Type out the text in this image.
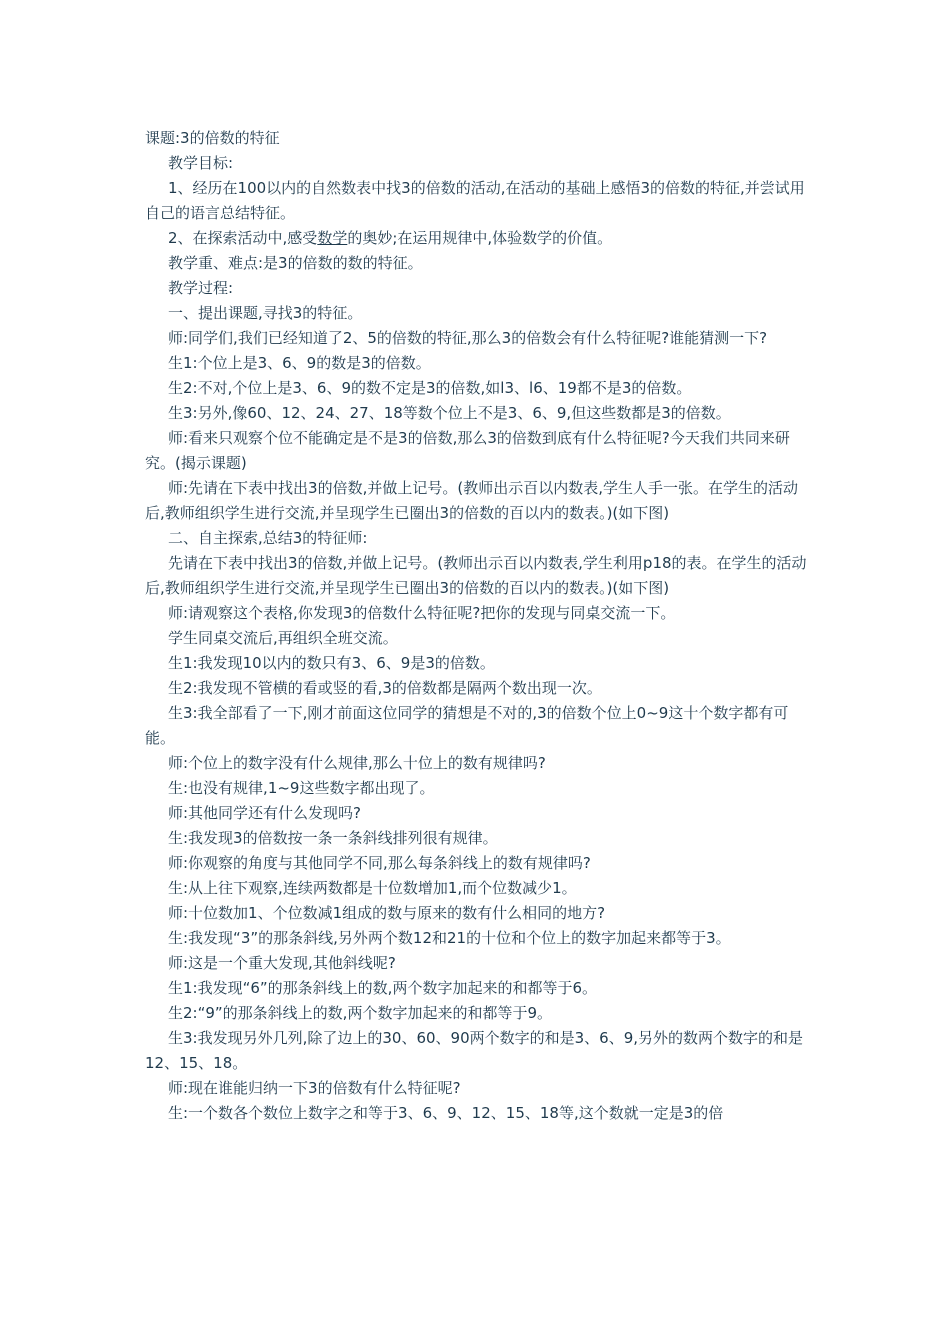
课题:3的倍数的特征

教学目标:

1、经历在100以内的自然数表中找3的倍数的活动,在活动的基础上感悟3的倍数的特征,并尝试用自己的语言总结特征。

2、在探索活动中,感受数学的奥妙;在运用规律中,体验数学的价值。

教学重、难点:是3的倍数的数的特征。

教学过程:

一、提出课题,寻找3的特征。

师:同学们,我们已经知道了2、5的倍数的特征,那么3的倍数会有什么特征呢?谁能猜测一下?

生1:个位上是3、6、9的数是3的倍数。

生2:不对,个位上是3、6、9的数不定是3的倍数,如l3、l6、19都不是3的倍数。

生3:另外,像60、12、24、27、18等数个位上不是3、6、9,但这些数都是3的倍数。

师:看来只观察个位不能确定是不是3的倍数,那么3的倍数到底有什么特征呢?今天我们共同来研究。(揭示课题)

师:先请在下表中找出3的倍数,并做上记号。(教师出示百以内数表,学生人手一张。在学生的活动后,教师组织学生进行交流,并呈现学生已圈出3的倍数的百以内的数表。)(如下图)

二、自主探索,总结3的特征师:

先请在下表中找出3的倍数,并做上记号。(教师出示百以内数表,学生利用p18的表。在学生的活动后,教师组织学生进行交流,并呈现学生已圈出3的倍数的百以内的数表。)(如下图)

师:请观察这个表格,你发现3的倍数什么特征呢?把你的发现与同桌交流一下。

学生同桌交流后,再组织全班交流。

生1:我发现10以内的数只有3、6、9是3的倍数。

生2:我发现不管横的看或竖的看,3的倍数都是隔两个数出现一次。

生3:我全部看了一下,刚才前面这位同学的猜想是不对的,3的倍数个位上0~9这十个数字都有可能。

师:个位上的数字没有什么规律,那么十位上的数有规律吗?

生:也没有规律,1~9这些数字都出现了。

师:其他同学还有什么发现吗?

生:我发现3的倍数按一条一条斜线排列很有规律。

师:你观察的角度与其他同学不同,那么每条斜线上的数有规律吗?

生:从上往下观察,连续两数都是十位数增加1,而个位数减少1。

师:十位数加1、个位数减1组成的数与原来的数有什么相同的地方?

生:我发现“3”的那条斜线,另外两个数12和21的十位和个位上的数字加起来都等于3。

师:这是一个重大发现,其他斜线呢?

生1:我发现“6”的那条斜线上的数,两个数字加起来的和都等于6。

生2:“9”的那条斜线上的数,两个数字加起来的和都等于9。

生3:我发现另外几列,除了边上的30、60、90两个数字的和是3、6、9,另外的数两个数字的和是12、15、18。

师:现在谁能归纳一下3的倍数有什么特征呢?

生:一个数各个数位上数字之和等于3、6、9、12、15、18等,这个数就一定是3的倍
